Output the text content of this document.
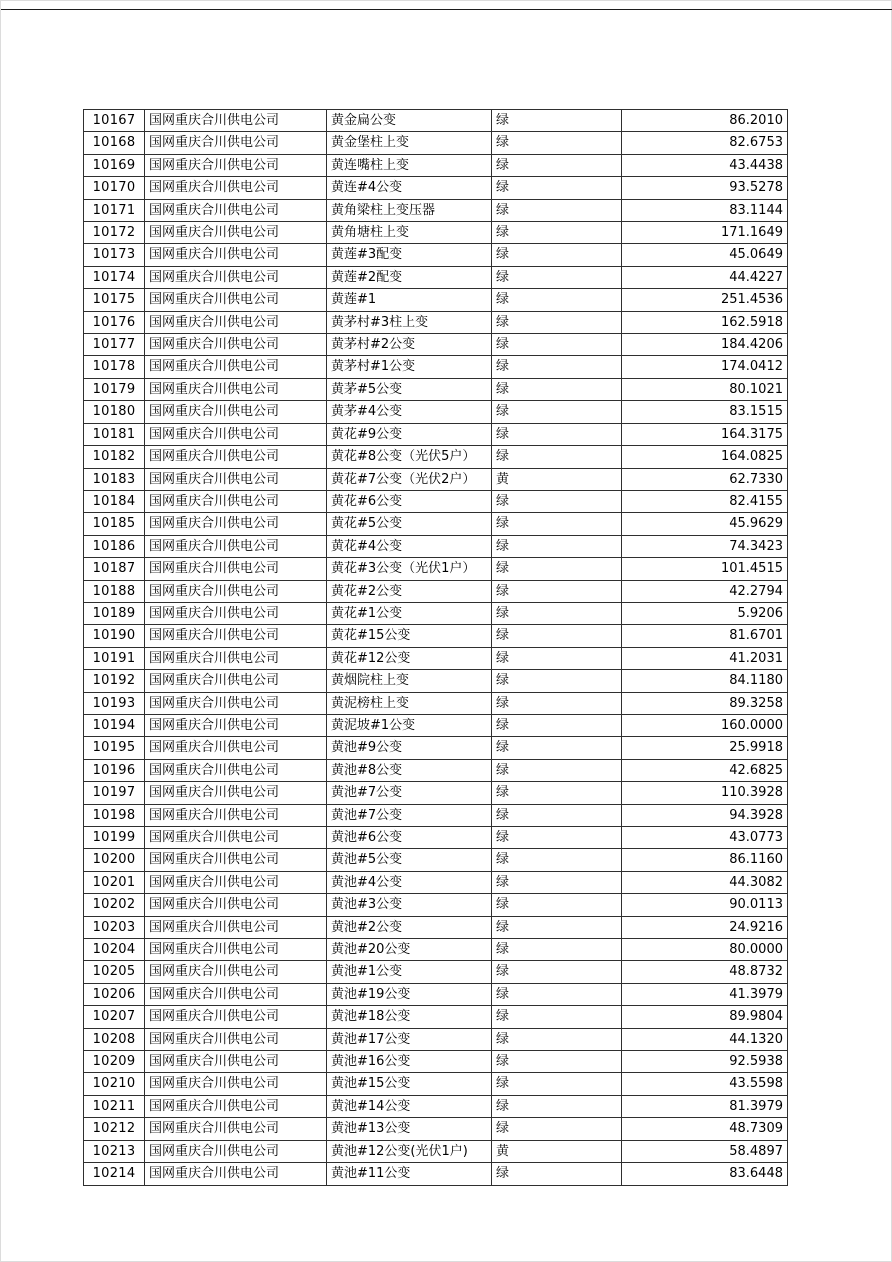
10167	国网重庆合川供电公司	黄金扁公变	绿	86.2010
10168	国网重庆合川供电公司	黄金堡柱上变	绿	82.6753
10169	国网重庆合川供电公司	黄连嘴柱上变	绿	43.4438
10170	国网重庆合川供电公司	黄连#4公变	绿	93.5278
10171	国网重庆合川供电公司	黄角梁柱上变压器	绿	83.1144
10172	国网重庆合川供电公司	黄角塘柱上变	绿	171.1649
10173	国网重庆合川供电公司	黄莲#3配变	绿	45.0649
10174	国网重庆合川供电公司	黄莲#2配变	绿	44.4227
10175	国网重庆合川供电公司	黄莲#1	绿	251.4536
10176	国网重庆合川供电公司	黄茅村#3柱上变	绿	162.5918
10177	国网重庆合川供电公司	黄茅村#2公变	绿	184.4206
10178	国网重庆合川供电公司	黄茅村#1公变	绿	174.0412
10179	国网重庆合川供电公司	黄茅#5公变	绿	80.1021
10180	国网重庆合川供电公司	黄茅#4公变	绿	83.1515
10181	国网重庆合川供电公司	黄花#9公变	绿	164.3175
10182	国网重庆合川供电公司	黄花#8公变（光伏5户）	绿	164.0825
10183	国网重庆合川供电公司	黄花#7公变（光伏2户）	黄	62.7330
10184	国网重庆合川供电公司	黄花#6公变	绿	82.4155
10185	国网重庆合川供电公司	黄花#5公变	绿	45.9629
10186	国网重庆合川供电公司	黄花#4公变	绿	74.3423
10187	国网重庆合川供电公司	黄花#3公变（光伏1户）	绿	101.4515
10188	国网重庆合川供电公司	黄花#2公变	绿	42.2794
10189	国网重庆合川供电公司	黄花#1公变	绿	5.9206
10190	国网重庆合川供电公司	黄花#15公变	绿	81.6701
10191	国网重庆合川供电公司	黄花#12公变	绿	41.2031
10192	国网重庆合川供电公司	黄烟院柱上变	绿	84.1180
10193	国网重庆合川供电公司	黄泥榜柱上变	绿	89.3258
10194	国网重庆合川供电公司	黄泥坡#1公变	绿	160.0000
10195	国网重庆合川供电公司	黄池#9公变	绿	25.9918
10196	国网重庆合川供电公司	黄池#8公变	绿	42.6825
10197	国网重庆合川供电公司	黄池#7公变	绿	110.3928
10198	国网重庆合川供电公司	黄池#7公变	绿	94.3928
10199	国网重庆合川供电公司	黄池#6公变	绿	43.0773
10200	国网重庆合川供电公司	黄池#5公变	绿	86.1160
10201	国网重庆合川供电公司	黄池#4公变	绿	44.3082
10202	国网重庆合川供电公司	黄池#3公变	绿	90.0113
10203	国网重庆合川供电公司	黄池#2公变	绿	24.9216
10204	国网重庆合川供电公司	黄池#20公变	绿	80.0000
10205	国网重庆合川供电公司	黄池#1公变	绿	48.8732
10206	国网重庆合川供电公司	黄池#19公变	绿	41.3979
10207	国网重庆合川供电公司	黄池#18公变	绿	89.9804
10208	国网重庆合川供电公司	黄池#17公变	绿	44.1320
10209	国网重庆合川供电公司	黄池#16公变	绿	92.5938
10210	国网重庆合川供电公司	黄池#15公变	绿	43.5598
10211	国网重庆合川供电公司	黄池#14公变	绿	81.3979
10212	国网重庆合川供电公司	黄池#13公变	绿	48.7309
10213	国网重庆合川供电公司	黄池#12公变(光伏1户)	黄	58.4897
10214	国网重庆合川供电公司	黄池#11公变	绿	83.6448
